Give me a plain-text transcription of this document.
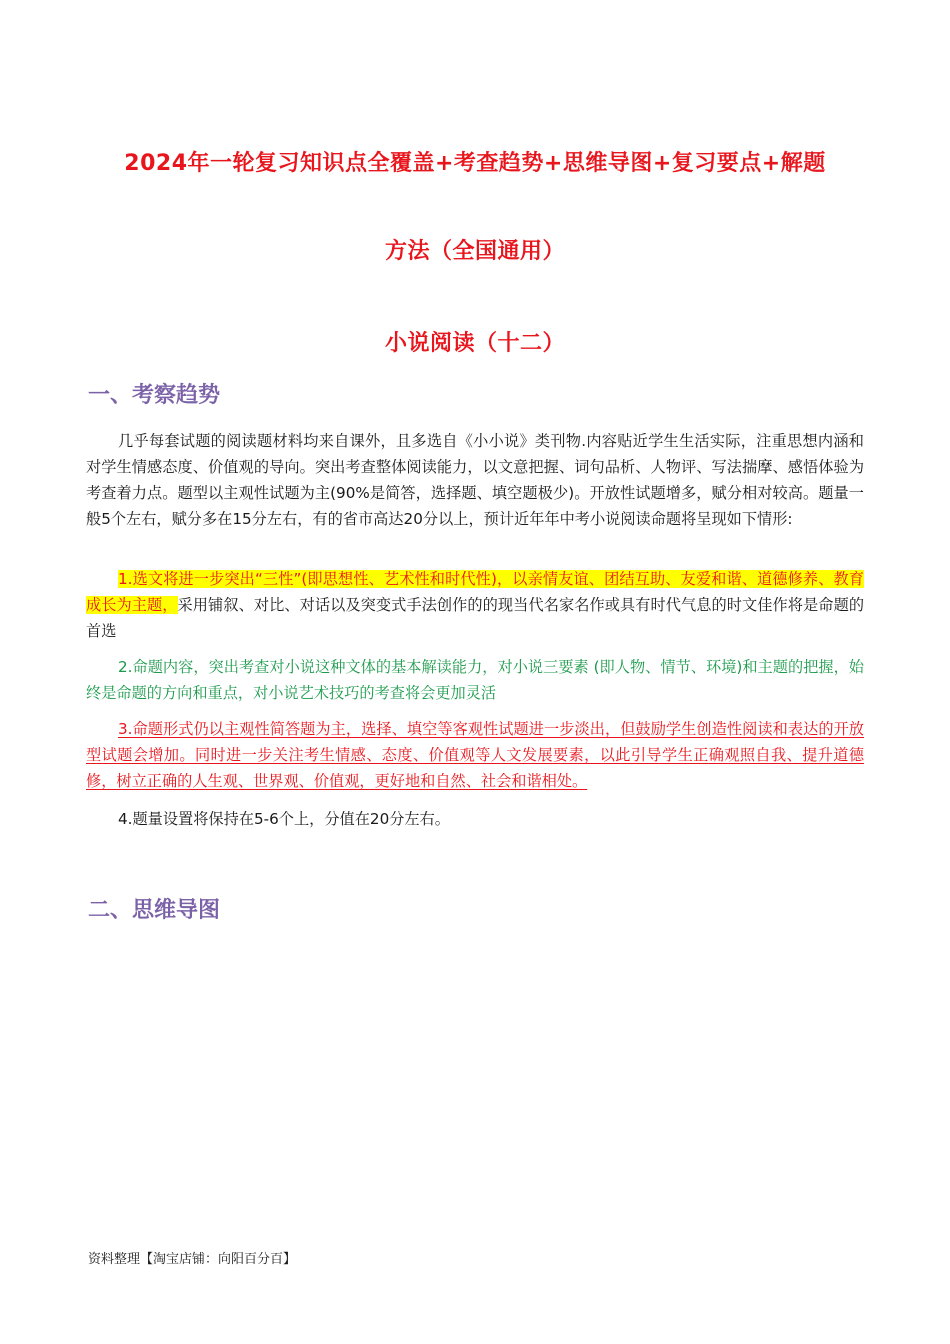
2024年一轮复习知识点全覆盖+考查趋势+思维导图+复习要点+解题
方法（全国通用）
小说阅读（十二）
一、考察趋势

几乎每套试题的阅读题材料均来自课外，且多选自《小小说》类刊物.内容贴近学生生活实际，注重思想内涵和对学生情感态度、价值观的导向。突出考查整体阅读能力，以文意把握、词句品析、人物评、写法揣摩、感悟体验为考查着力点。题型以主观性试题为主(90%是简答，选择题、填空题极少)。开放性试题增多，赋分相对较高。题量一般5个左右，赋分多在15分左右，有的省市高达20分以上，预计近年年中考小说阅读命题将呈现如下情形:

1.选文将进一步突出“三性”(即思想性、艺术性和时代性)，以亲情友谊、团结互助、友爱和谐、道德修养、教育成长为主题，采用铺叙、对比、对话以及突变式手法创作的的现当代名家名作或具有时代气息的时文佳作将是命题的首选

2.命题内容，突出考查对小说这种文体的基本解读能力，对小说三要素 (即人物、情节、环境)和主题的把握，始终是命题的方向和重点，对小说艺术技巧的考查将会更加灵活

3.命题形式仍以主观性简答题为主，选择、填空等客观性试题进一步淡出，但鼓励学生创造性阅读和表达的开放型试题会增加。同时进一步关注考生情感、态度、价值观等人文发展要素，以此引导学生正确观照自我、提升道德修，树立正确的人生观、世界观、价值观，更好地和自然、社会和谐相处。

4.题量设置将保持在5-6个上，分值在20分左右。

二、思维导图
资料整理【淘宝店铺：向阳百分百】
